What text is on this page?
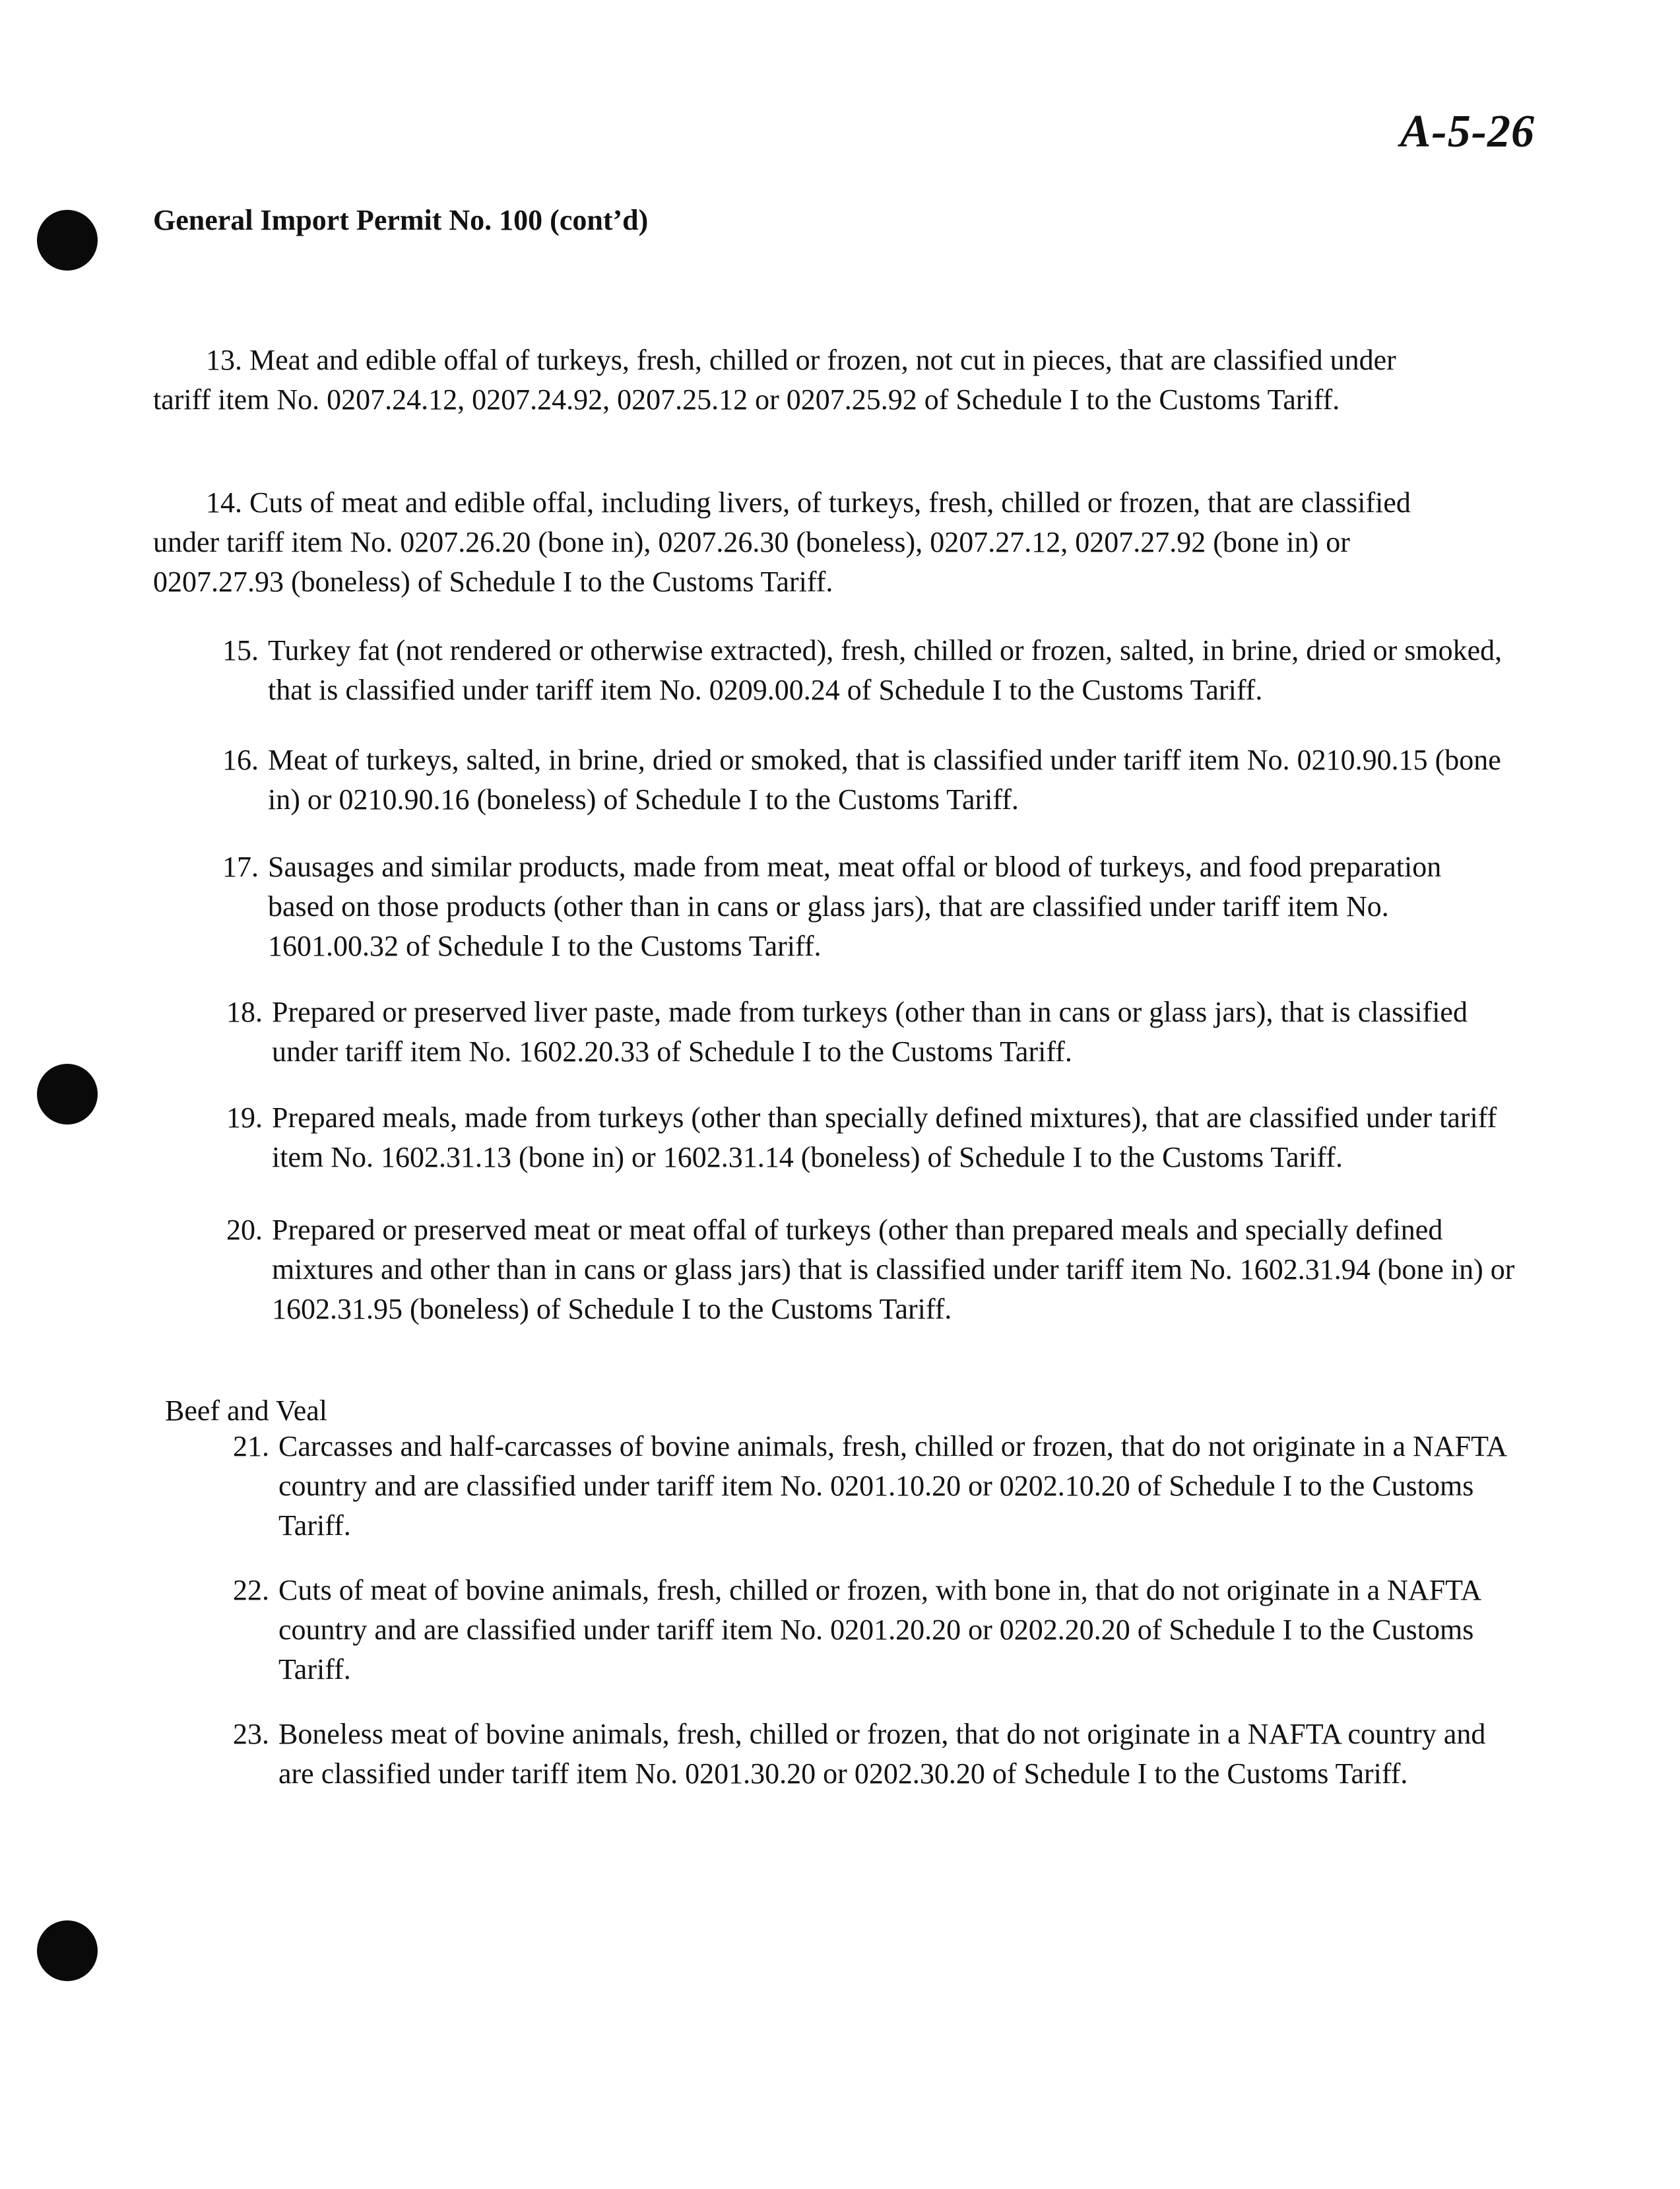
A-5-26
General Import Permit No. 100 (cont’d)
13. Meat and edible offal of turkeys, fresh, chilled or frozen, not cut in pieces, that are classified under tariff item No. 0207.24.12, 0207.24.92, 0207.25.12 or 0207.25.92 of Schedule I to the Customs Tariff.
14. Cuts of meat and edible offal, including livers, of turkeys, fresh, chilled or frozen, that are classified under tariff item No. 0207.26.20 (bone in), 0207.26.30 (boneless), 0207.27.12, 0207.27.92 (bone in) or 0207.27.93 (boneless) of Schedule I to the Customs Tariff.
15. Turkey fat (not rendered or otherwise extracted), fresh, chilled or frozen, salted, in brine, dried or smoked, that is classified under tariff item No. 0209.00.24 of Schedule I to the Customs Tariff.
16. Meat of turkeys, salted, in brine, dried or smoked, that is classified under tariff item No. 0210.90.15 (bone in) or 0210.90.16 (boneless) of Schedule I to the Customs Tariff.
17. Sausages and similar products, made from meat, meat offal or blood of turkeys, and food preparation based on those products (other than in cans or glass jars), that are classified under tariff item No. 1601.00.32 of Schedule I to the Customs Tariff.
18. Prepared or preserved liver paste, made from turkeys (other than in cans or glass jars), that is classified under tariff item No. 1602.20.33 of Schedule I to the Customs Tariff.
19. Prepared meals, made from turkeys (other than specially defined mixtures), that are classified under tariff item No. 1602.31.13 (bone in) or 1602.31.14 (boneless) of Schedule I to the Customs Tariff.
20. Prepared or preserved meat or meat offal of turkeys (other than prepared meals and specially defined mixtures and other than in cans or glass jars) that is classified under tariff item No. 1602.31.94 (bone in) or 1602.31.95 (boneless) of Schedule I to the Customs Tariff.
Beef and Veal
21. Carcasses and half-carcasses of bovine animals, fresh, chilled or frozen, that do not originate in a NAFTA country and are classified under tariff item No. 0201.10.20 or 0202.10.20 of Schedule I to the Customs Tariff.
22. Cuts of meat of bovine animals, fresh, chilled or frozen, with bone in, that do not originate in a NAFTA country and are classified under tariff item No. 0201.20.20 or 0202.20.20 of Schedule I to the Customs Tariff.
23. Boneless meat of bovine animals, fresh, chilled or frozen, that do not originate in a NAFTA country and are classified under tariff item No. 0201.30.20 or 0202.30.20 of Schedule I to the Customs Tariff.
